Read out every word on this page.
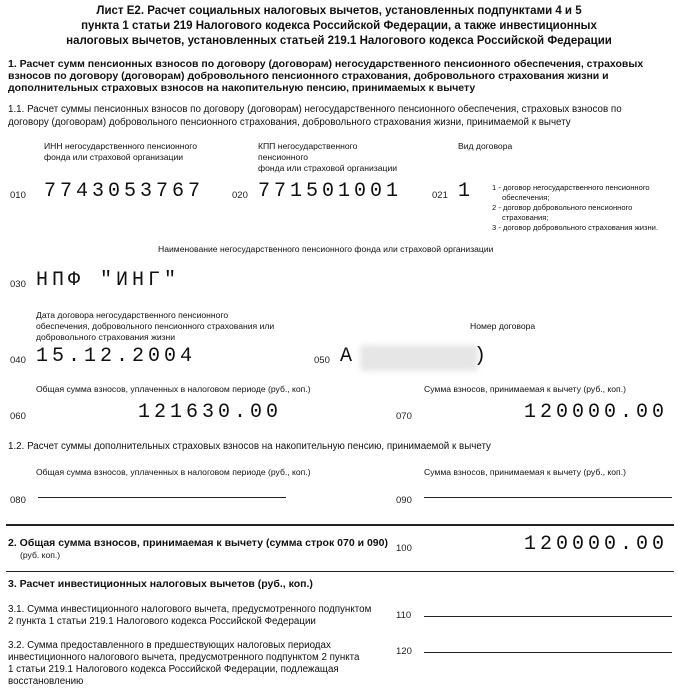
Лист Е2. Расчет социальных налоговых вычетов, установленных подпунктами 4 и 5
пункта 1 статьи 219 Налогового кодекса Российской Федерации, а также инвестиционных
налоговых вычетов, установленных статьей 219.1 Налогового кодекса Российской Федерации
1. Расчет сумм пенсионных взносов по договору (договорам) негосударственного пенсионного обеспечения, страховых
взносов по договору (договорам) добровольного пенсионного страхования, добровольного страхования жизни и
дополнительных страховых взносов на накопительную пенсию, принимаемых к вычету
1.1. Расчет суммы пенсионных взносов по договору (договорам) негосударственного пенсионного обеспечения, страховых взносов по
договору (договорам) добровольного пенсионного страхования, добровольного страхования жизни, принимаемой к вычету
ИНН негосударственного пенсионного
фонда или страховой организации
010 7743053767
КПП негосударственного
пенсионного
фонда или страховой организации
020 771501001
Вид договора
021 1 1 - договор негосударственного пенсионного
обеспечения;
2 - договор добровольного пенсионного
страхования;
3 - договор добровольного страхования жизни.
Наименование негосударственного пенсионного фонда или страховой организации
030 НПФ "ИНГ"
Дата договора негосударственного пенсионного
обеспечения, добровольного пенсионного страхования или
добровольного страхования жизни
040 15.12.2004
Номер договора
050 А	)
Общая сумма взносов, уплаченных в налоговом периоде (руб., коп.)
060	121630.00
Сумма взносов, принимаемая к вычету (руб., коп.)
070	120000.00
1.2. Расчет суммы дополнительных страховых взносов на накопительную пенсию, принимаемой к вычету
Общая сумма взносов, уплаченных в налоговом периоде (руб., коп.)
080
Сумма взносов, принимаемая к вычету (руб., коп.)
090
2. Общая сумма взносов, принимаемая к вычету (сумма строк 070 и 090)
(руб. коп.)
100	120000.00
3. Расчет инвестиционных налоговых вычетов (руб., коп.)
3.1. Сумма инвестиционного налогового вычета, предусмотренного подпунктом
2 пункта 1 статьи 219.1 Налогового кодекса Российской Федерации
110
3.2. Сумма предоставленного в предшествующих налоговых периодах
инвестиционного налогового вычета, предусмотренного подпунктом 2 пункта
1 статьи 219.1 Налогового кодекса Российской Федерации, подлежащая
восстановлению
120
